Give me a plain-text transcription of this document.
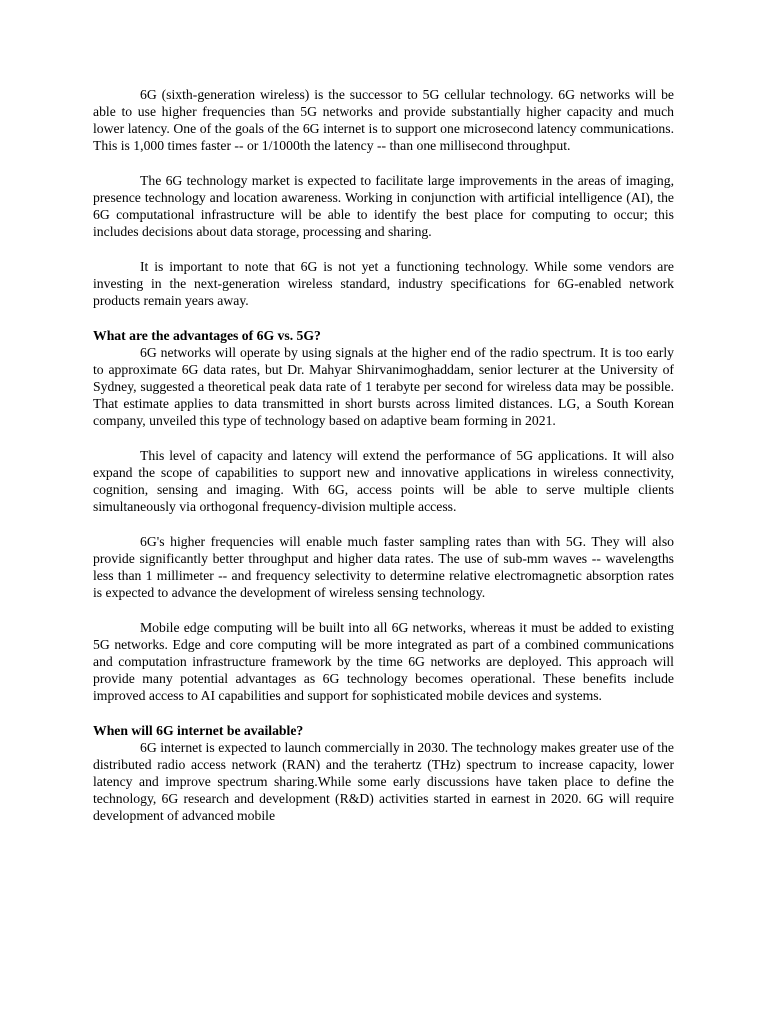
6G (sixth-generation wireless) is the successor to 5G cellular technology. 6G networks will be able to use higher frequencies than 5G networks and provide substantially higher capacity and much lower latency. One of the goals of the 6G internet is to support one microsecond latency communications. This is 1,000 times faster -- or 1/1000th the latency -- than one millisecond throughput.

The 6G technology market is expected to facilitate large improvements in the areas of imaging, presence technology and location awareness. Working in conjunction with artificial intelligence (AI), the 6G computational infrastructure will be able to identify the best place for computing to occur; this includes decisions about data storage, processing and sharing.

It is important to note that 6G is not yet a functioning technology. While some vendors are investing in the next-generation wireless standard, industry specifications for 6G-enabled network products remain years away.

What are the advantages of 6G vs. 5G?

6G networks will operate by using signals at the higher end of the radio spectrum. It is too early to approximate 6G data rates, but Dr. Mahyar Shirvanimoghaddam, senior lecturer at the University of Sydney, suggested a theoretical peak data rate of 1 terabyte per second for wireless data may be possible. That estimate applies to data transmitted in short bursts across limited distances. LG, a South Korean company, unveiled this type of technology based on adaptive beam forming in 2021.

This level of capacity and latency will extend the performance of 5G applications. It will also expand the scope of capabilities to support new and innovative applications in wireless connectivity, cognition, sensing and imaging. With 6G, access points will be able to serve multiple clients simultaneously via orthogonal frequency-division multiple access.

6G's higher frequencies will enable much faster sampling rates than with 5G. They will also provide significantly better throughput and higher data rates. The use of sub-mm waves -- wavelengths less than 1 millimeter -- and frequency selectivity to determine relative electromagnetic absorption rates is expected to advance the development of wireless sensing technology.

Mobile edge computing will be built into all 6G networks, whereas it must be added to existing 5G networks. Edge and core computing will be more integrated as part of a combined communications and computation infrastructure framework by the time 6G networks are deployed. This approach will provide many potential advantages as 6G technology becomes operational. These benefits include improved access to AI capabilities and support for sophisticated mobile devices and systems.

When will 6G internet be available?

6G internet is expected to launch commercially in 2030. The technology makes greater use of the distributed radio access network (RAN) and the terahertz (THz) spectrum to increase capacity, lower latency and improve spectrum sharing.While some early discussions have taken place to define the technology, 6G research and development (R&D) activities started in earnest in 2020. 6G will require development of advanced mobile
